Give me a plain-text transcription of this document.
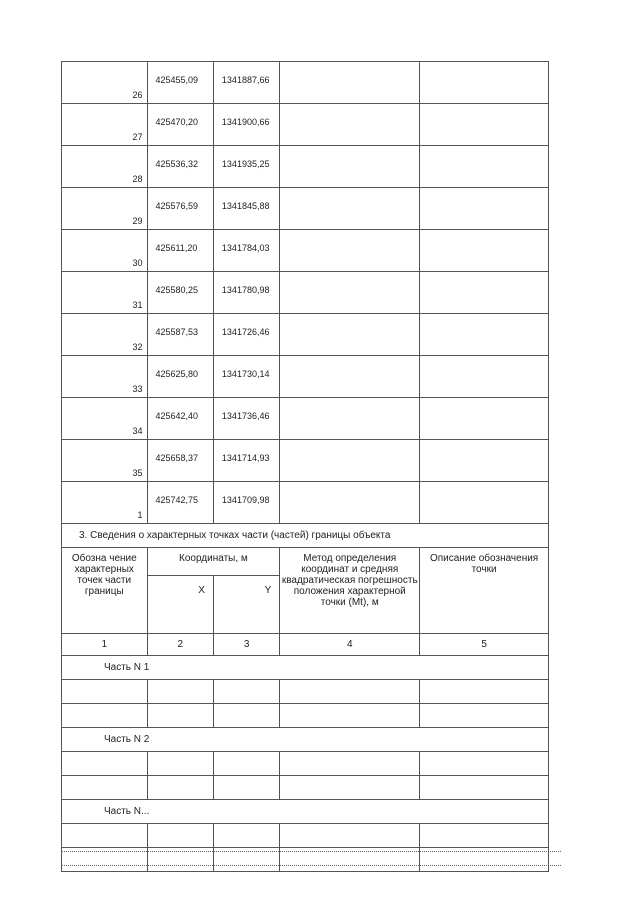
26	425455,09	1341887,66		
27	425470,20	1341900,66		
28	425536,32	1341935,25		
29	425576,59	1341845,88		
30	425611,20	1341784,03		
31	425580,25	1341780,98		
32	425587,53	1341726,46		
33	425625,80	1341730,14		
34	425642,40	1341736,46		
35	425658,37	1341714,93		
1	425742,75	1341709,98		
3. Сведения о характерных точках части (частей) границы объекта				
Обозна чение характерных точек части границы	Координаты, м		Метод определения координат и средняя квадратическая погрешность положения характерной точки (Mt), м	Описание обозначения точки
	X	Y		
1	2	3	4	5
Часть N 1				

Часть N 2				

Часть N...				
